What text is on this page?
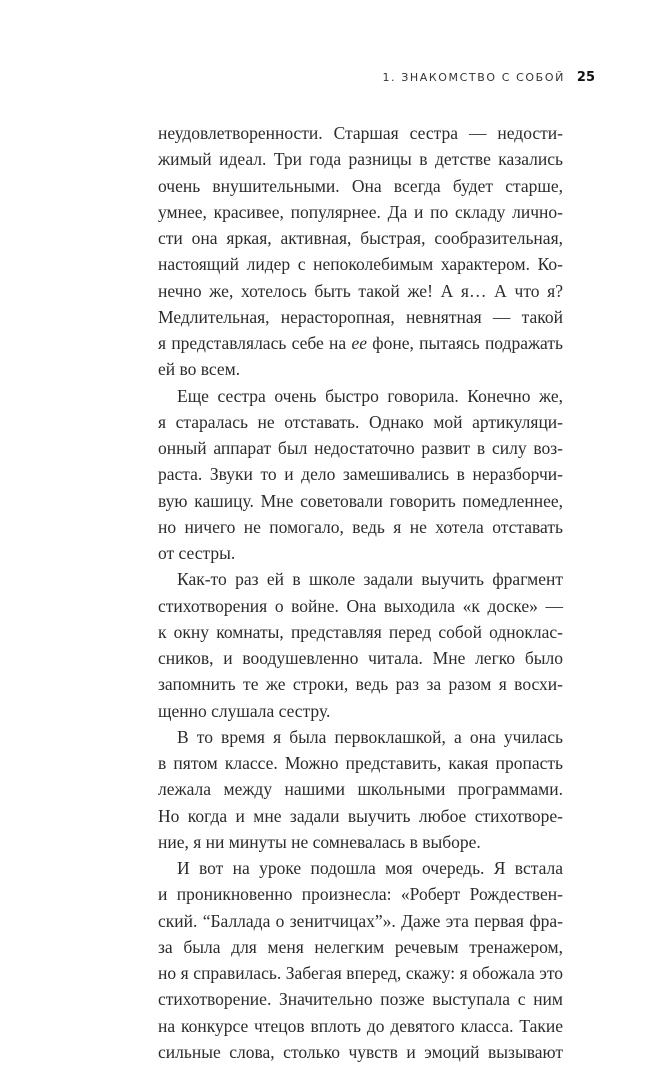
1. ЗНАКОМСТВО С СОБОЙ 25
неудовлетворенности. Старшая сестра — недости-
жимый идеал. Три года разницы в детстве казались
очень внушительными. Она всегда будет старше,
умнее, красивее, популярнее. Да и по складу лично-
сти она яркая, активная, быстрая, сообразительная,
настоящий лидер с непоколебимым характером. Ко-
нечно же, хотелось быть такой же! А я… А что я?
Медлительная, нерасторопная, невнятная — такой
я представлялась себе на ее фоне, пытаясь подражать
ей во всем.
Еще сестра очень быстро говорила. Конечно же,
я старалась не отставать. Однако мой артикуляци-
онный аппарат был недостаточно развит в силу воз-
раста. Звуки то и дело замешивались в неразборчи-
вую кашицу. Мне советовали говорить помедленнее,
но ничего не помогало, ведь я не хотела отставать
от сестры.
Как-то раз ей в школе задали выучить фрагмент
стихотворения о войне. Она выходила «к доске» —
к окну комнаты, представляя перед собой одноклас-
сников, и воодушевленно читала. Мне легко было
запомнить те же строки, ведь раз за разом я восхи-
щенно слушала сестру.
В то время я была первоклашкой, а она училась
в пятом классе. Можно представить, какая пропасть
лежала между нашими школьными программами.
Но когда и мне задали выучить любое стихотворе-
ние, я ни минуты не сомневалась в выборе.
И вот на уроке подошла моя очередь. Я встала
и проникновенно произнесла: «Роберт Рождествен-
ский. “Баллада о зенитчицах”». Даже эта первая фра-
за была для меня нелегким речевым тренажером,
но я справилась. Забегая вперед, скажу: я обожала это
стихотворение. Значительно позже выступала с ним
на конкурсе чтецов вплоть до девятого класса. Такие
сильные слова, столько чувств и эмоций вызывают
